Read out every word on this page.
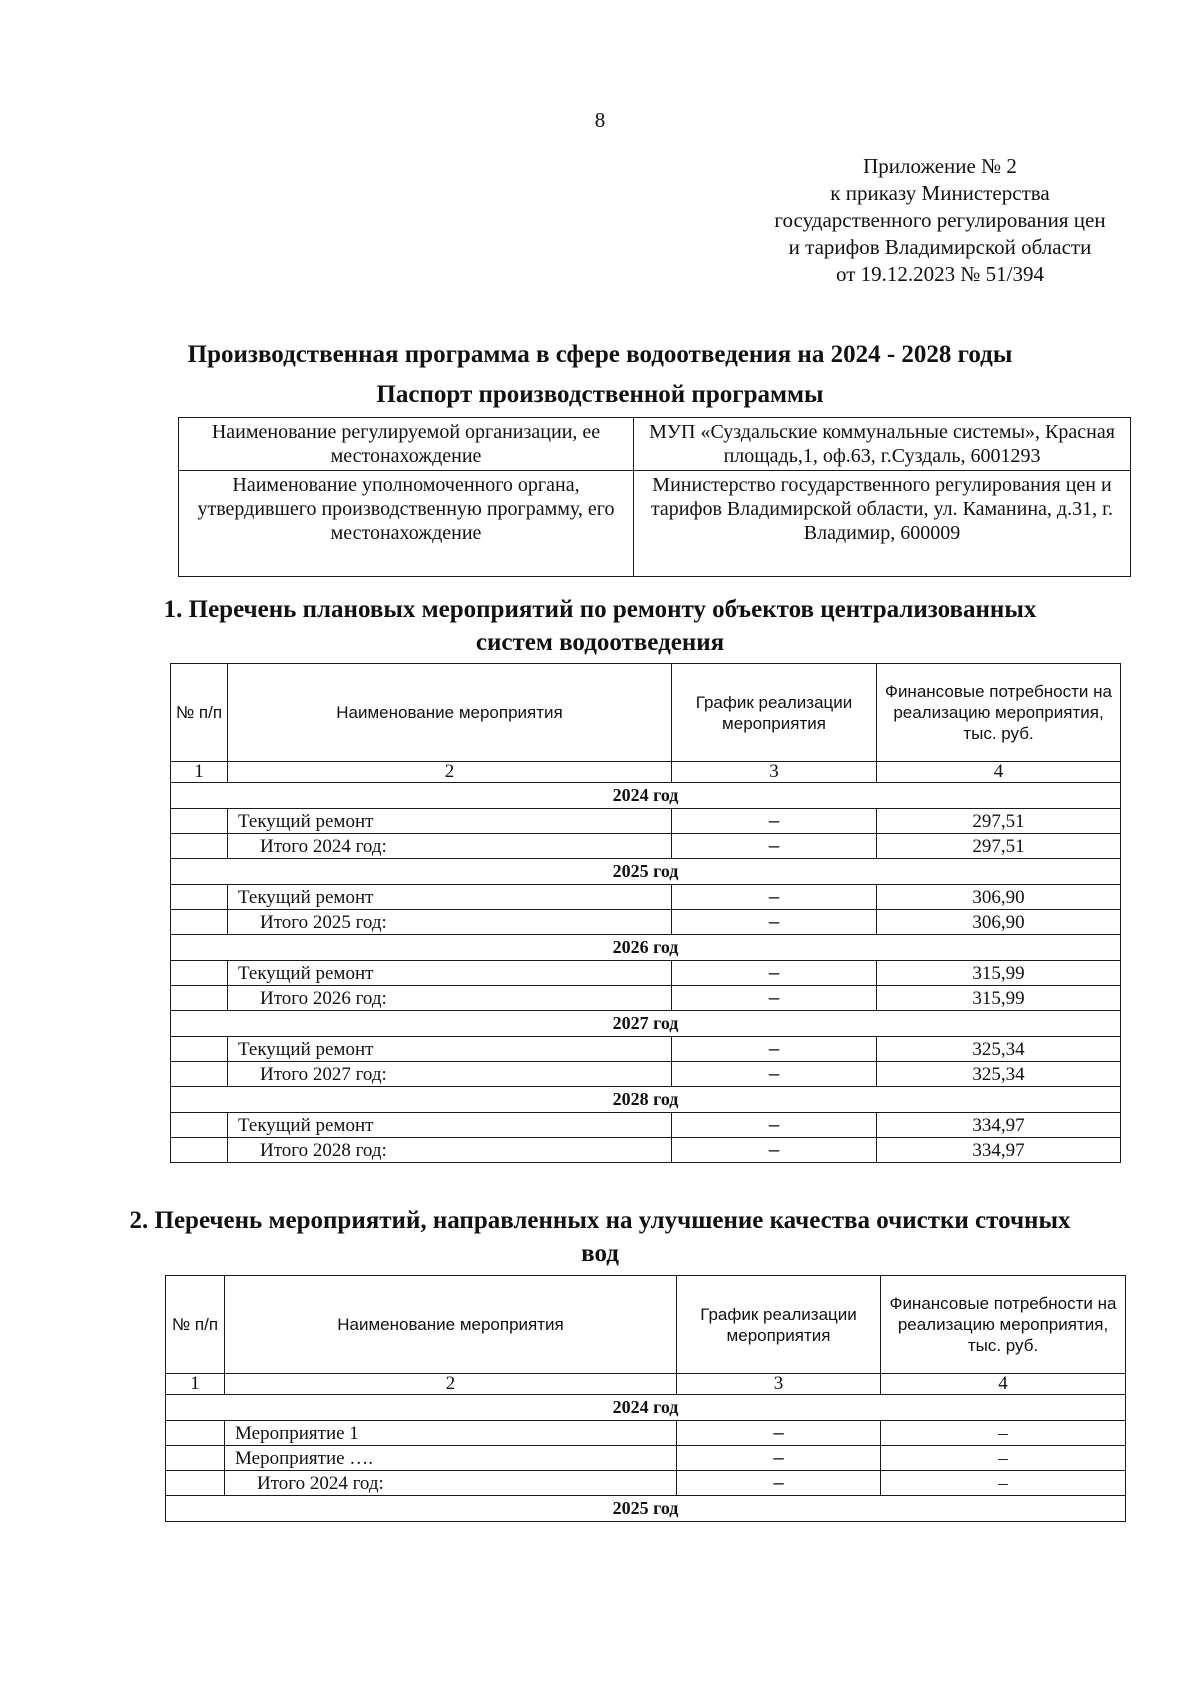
8
Приложение № 2
к приказу Министерства
государственного регулирования цен
и тарифов Владимирской области
от 19.12.2023 № 51/394
Производственная программа в сфере водоотведения на 2024 - 2028 годы
Паспорт производственной программы
Наименование регулируемой организации, ее местонахождение	МУП «Суздальские коммунальные системы», Красная площадь,1, оф.63, г.Суздаль, 6001293
Наименование уполномоченного органа, утвердившего производственную программу, его местонахождение	Министерство государственного регулирования цен и тарифов Владимирской области, ул. Каманина, д.31, г. Владимир, 600009
1. Перечень плановых мероприятий по ремонту объектов централизованных систем водоотведения
№ п/п	Наименование мероприятия	График реализации мероприятия	Финансовые потребности на реализацию мероприятия, тыс. руб.
1	2	3	4
2024 год			
	Текущий ремонт	–	297,51
	Итого 2024 год:	–	297,51
2025 год			
	Текущий ремонт	–	306,90
	Итого 2025 год:	–	306,90
2026 год			
	Текущий ремонт	–	315,99
	Итого 2026 год:	–	315,99
2027 год			
	Текущий ремонт	–	325,34
	Итого 2027 год:	–	325,34
2028 год			
	Текущий ремонт	–	334,97
	Итого 2028 год:	–	334,97
2. Перечень мероприятий, направленных на улучшение качества очистки сточных вод
№ п/п	Наименование мероприятия	График реализации мероприятия	Финансовые потребности на реализацию мероприятия, тыс. руб.
1	2	3	4
2024 год			
	Мероприятие 1	–	–
	Мероприятие ….	–	–
	Итого 2024 год:	–	–
2025 год			
